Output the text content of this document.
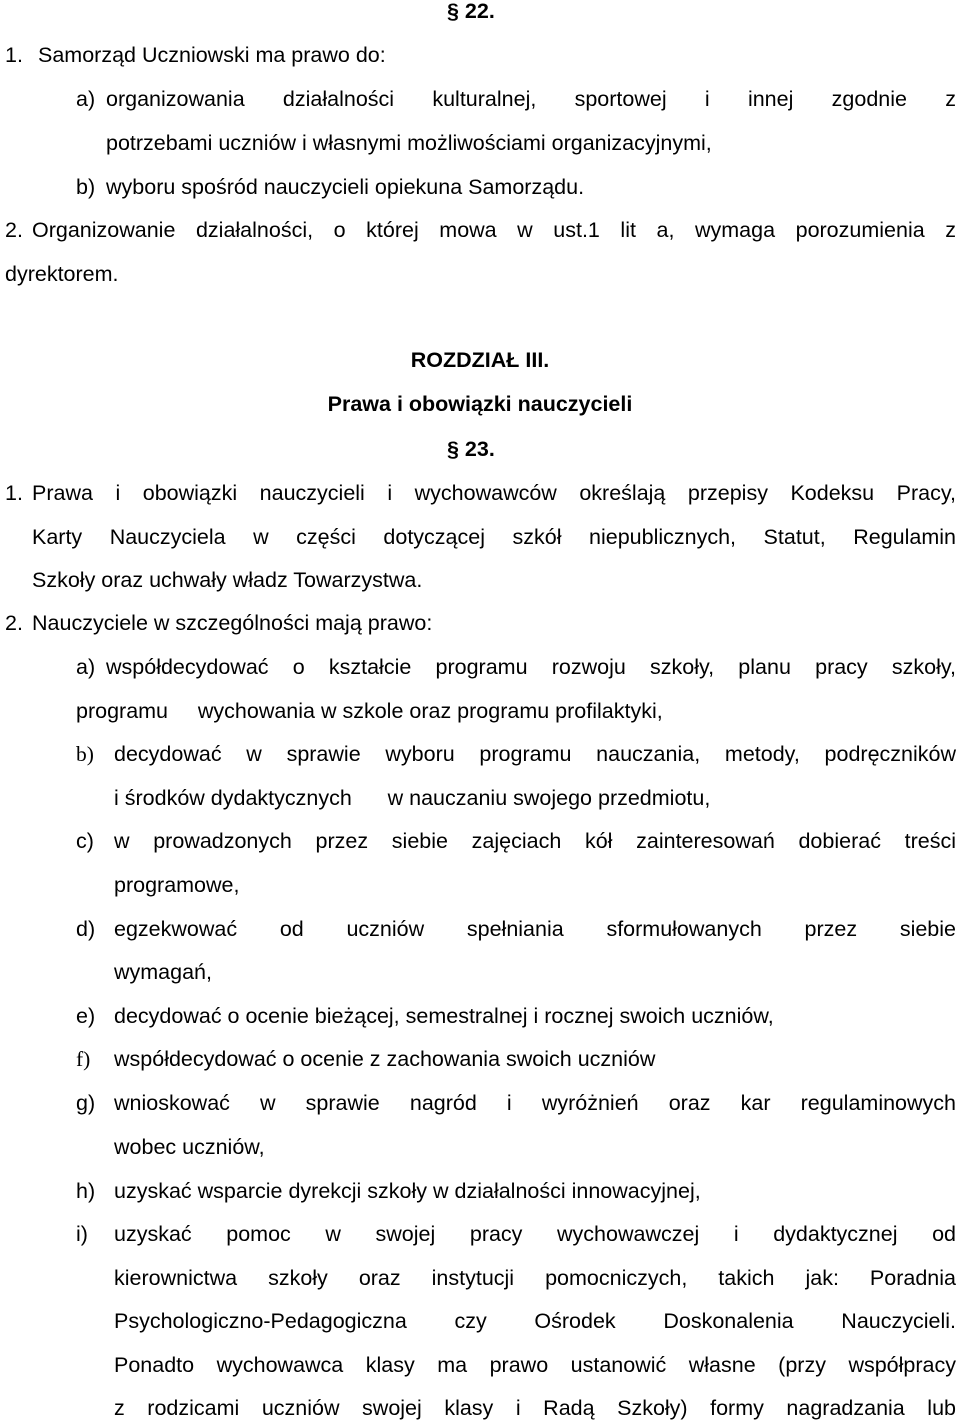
§ 22.
1. Samorząd Uczniowski ma prawo do:
a) organizowania działalności kulturalnej, sportowej i innej zgodnie z
potrzebami uczniów i własnymi możliwościami organizacyjnymi,
b) wyboru spośród nauczycieli opiekuna Samorządu.
2. Organizowanie działalności, o której mowa w ust.1 lit a, wymaga porozumienia z
dyrektorem.
ROZDZIAŁ III.
Prawa i obowiązki nauczycieli
§ 23.
1. Prawa i obowiązki nauczycieli i wychowawców określają przepisy Kodeksu Pracy,
Karty Nauczyciela w części dotyczącej szkół niepublicznych, Statut, Regulamin
Szkoły oraz uchwały władz Towarzystwa.
2. Nauczyciele w szczególności mają prawo:
a) współdecydować o kształcie programu rozwoju szkoły, planu pracy szkoły,
programu     wychowania w szkole oraz programu profilaktyki,
b) decydować w sprawie wyboru programu nauczania, metody, podręczników
i środków dydaktycznych      w nauczaniu swojego przedmiotu,
c) w prowadzonych przez siebie zajęciach kół zainteresowań dobierać treści
programowe,
d) egzekwować od uczniów spełniania sformułowanych przez siebie
wymagań,
e) decydować o ocenie bieżącej, semestralnej i rocznej swoich uczniów,
f) współdecydować o ocenie z zachowania swoich uczniów
g) wnioskować w sprawie nagród i wyróżnień oraz kar regulaminowych
wobec uczniów,
h) uzyskać wsparcie dyrekcji szkoły w działalności innowacyjnej,
i) uzyskać pomoc w swojej pracy wychowawczej i dydaktycznej od
kierownictwa szkoły oraz instytucji pomocniczych, takich jak: Poradnia
Psychologiczno-Pedagogiczna czy Ośrodek Doskonalenia Nauczycieli.
Ponadto wychowawca klasy ma prawo ustanowić własne (przy współpracy
z rodzicami uczniów swojej klasy i Radą Szkoły) formy nagradzania lub
